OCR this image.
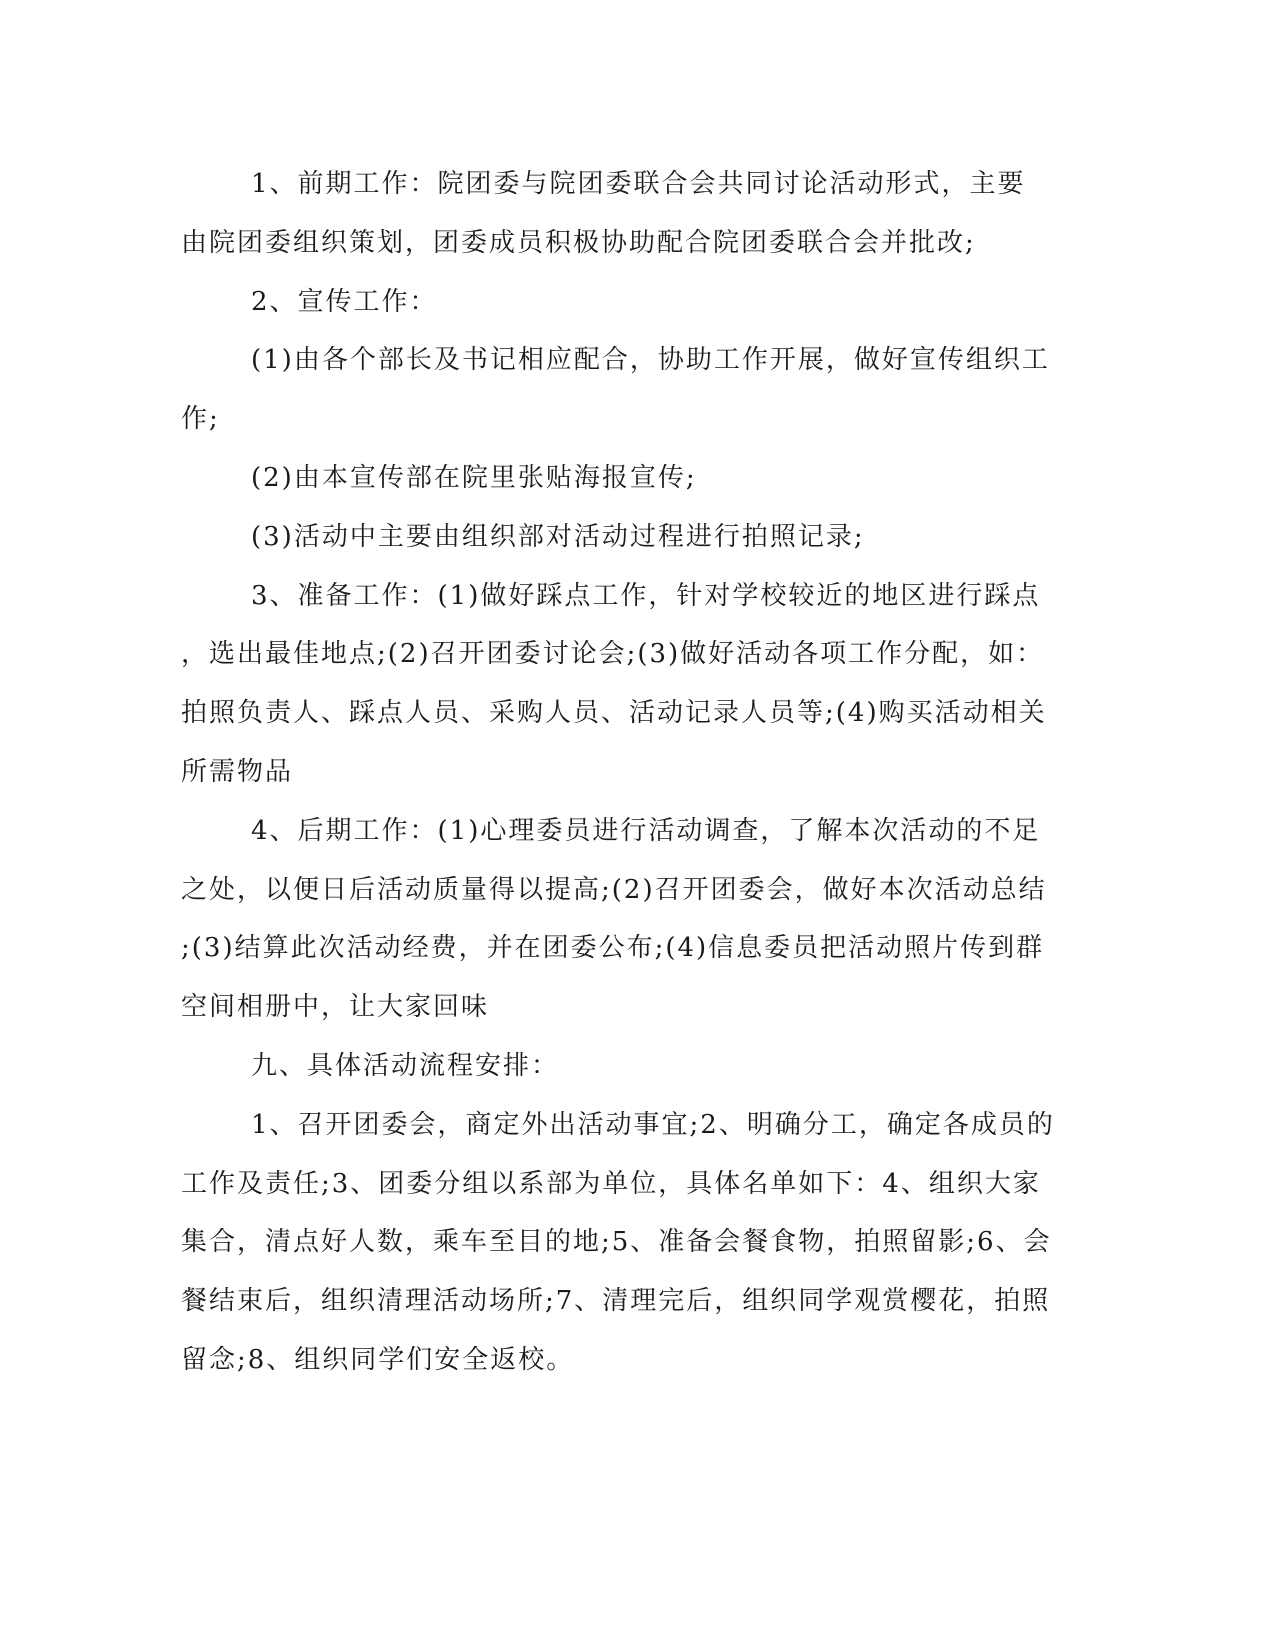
1、前期工作：院团委与院团委联合会共同讨论活动形式，主要
由院团委组织策划，团委成员积极协助配合院团委联合会并批改;
2、宣传工作：
(1)由各个部长及书记相应配合，协助工作开展，做好宣传组织工
作;
(2)由本宣传部在院里张贴海报宣传;
(3)活动中主要由组织部对活动过程进行拍照记录;
3、准备工作：(1)做好踩点工作，针对学校较近的地区进行踩点
，选出最佳地点;(2)召开团委讨论会;(3)做好活动各项工作分配，如：
拍照负责人、踩点人员、采购人员、活动记录人员等;(4)购买活动相关
所需物品
4、后期工作：(1)心理委员进行活动调查，了解本次活动的不足
之处，以便日后活动质量得以提高;(2)召开团委会，做好本次活动总结
;(3)结算此次活动经费，并在团委公布;(4)信息委员把活动照片传到群
空间相册中，让大家回味
九、具体活动流程安排：
1、召开团委会，商定外出活动事宜;2、明确分工，确定各成员的
工作及责任;3、团委分组以系部为单位，具体名单如下：4、组织大家
集合，清点好人数，乘车至目的地;5、准备会餐食物，拍照留影;6、会
餐结束后，组织清理活动场所;7、清理完后，组织同学观赏樱花，拍照
留念;8、组织同学们安全返校。
